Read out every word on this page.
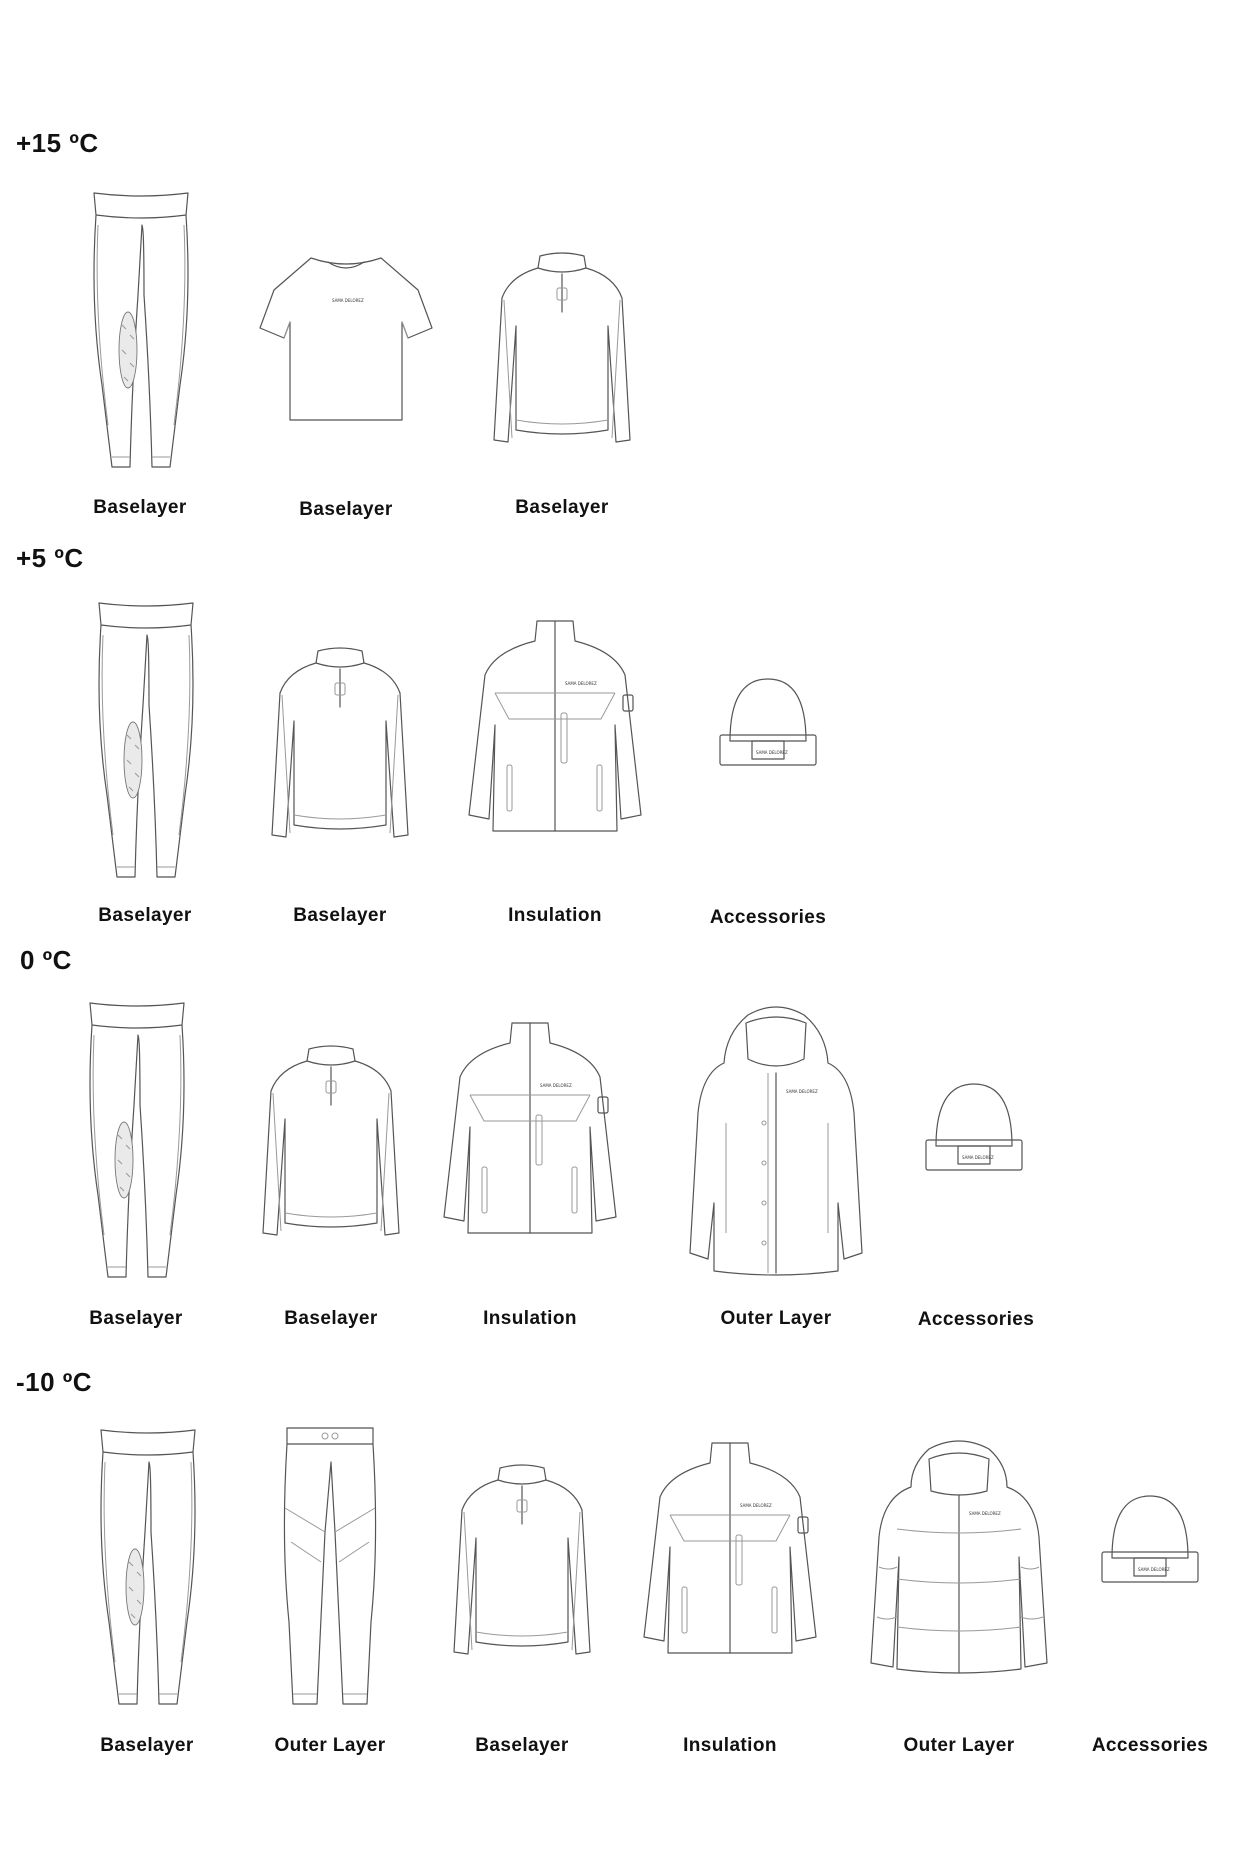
+15 ºC
Baselayer	Baselayer	Baselayer
+5 ºC
Baselayer	Baselayer	Insulation	Accessories
0 ºC
Baselayer	Baselayer	Insulation	Outer Layer	Accessories
-10 ºC
Baselayer	Outer Layer	Baselayer	Insulation	Outer Layer	Accessories
